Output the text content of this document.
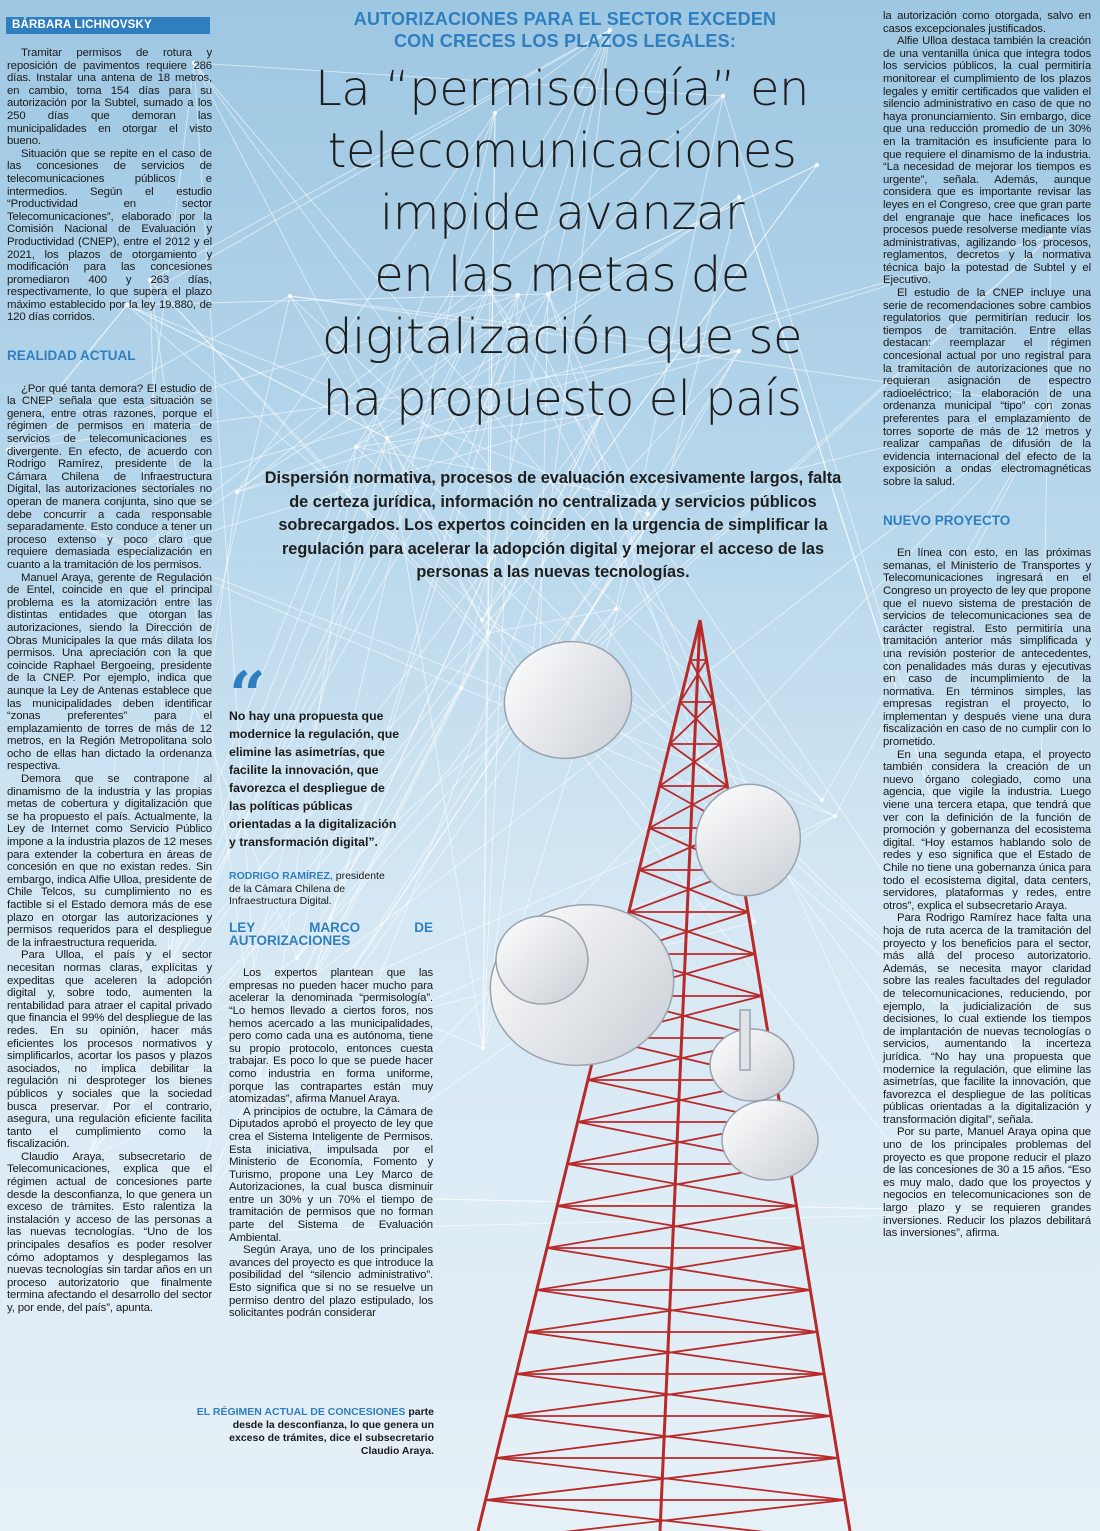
BÁRBARA LICHNOVSKY	AUTORIZACIONES PARA EL SECTOR EXCEDEN
CON CRECES LOS PLAZOS LEGALES:
La “permisología” en
telecomunicaciones
impide avanzar
en las metas de
digitalización que se
ha propuesto el país
Dispersión normativa, procesos de evaluación excesivamente largos, falta de certeza jurídica, información no centralizada y servicios públicos sobrecargados. Los expertos coinciden en la urgencia de simplificar la regulación para acelerar la adopción digital y mejorar el acceso de las personas a las nuevas tecnologías.

Tramitar permisos de rotura y reposición de pavimentos requiere 286 días. Instalar una antena de 18 metros, en cambio, toma 154 días para su autorización por la Subtel, sumado a los 250 días que demoran las municipalidades en otorgar el visto bueno.

Situación que se repite en el caso de las concesiones de servicios de telecomunicaciones públicos e intermedios. Según el estudio “Productividad en sector Telecomunicaciones”, elaborado por la Comisión Nacional de Evaluación y Productividad (CNEP), entre el 2012 y el 2021, los plazos de otorgamiento y modificación para las concesiones promediaron 400 y 263 días, respectivamente, lo que supera el plazo máximo establecido por la ley 19.880, de 120 días corridos.

REALIDAD ACTUAL

¿Por qué tanta demora? El estudio de la CNEP señala que esta situación se genera, entre otras razones, porque el régimen de permisos en materia de servicios de telecomunicaciones es divergente. En efecto, de acuerdo con Rodrigo Ramírez, presidente de la Cámara Chilena de Infraestructura Digital, las autorizaciones sectoriales no operan de manera conjunta, sino que se debe concurrir a cada responsable separadamente. Esto conduce a tener un proceso extenso y poco claro que requiere demasiada especialización en cuanto a la tramitación de los permisos.

Manuel Araya, gerente de Regulación de Entel, coincide en que el principal problema es la atomización entre las distintas entidades que otorgan las autorizaciones, siendo la Dirección de Obras Municipales la que más dilata los permisos. Una apreciación con la que coincide Raphael Bergoeing, presidente de la CNEP. Por ejemplo, indica que aunque la Ley de Antenas establece que las municipalidades deben identificar “zonas preferentes” para el emplazamiento de torres de más de 12 metros, en la Región Metropolitana solo ocho de ellas han dictado la ordenanza respectiva.

Demora que se contrapone al dinamismo de la industria y las propias metas de cobertura y digitalización que se ha propuesto el país. Actualmente, la Ley de Internet como Servicio Público impone a la industria plazos de 12 meses para extender la cobertura en áreas de concesión en que no existan redes. Sin embargo, indica Alfie Ulloa, presidente de Chile Telcos, su cumplimiento no es factible si el Estado demora más de ese plazo en otorgar las autorizaciones y permisos requeridos para el despliegue de la infraestructura requerida.

Para Ulloa, el país y el sector necesitan normas claras, explícitas y expeditas que aceleren la adopción digital y, sobre todo, aumenten la rentabilidad para atraer el capital privado que financia el 99% del despliegue de las redes. En su opinión, hacer más eficientes los procesos normativos y simplificarlos, acortar los pasos y plazos asociados, no implica debilitar la regulación ni desproteger los bienes públicos y sociales que la sociedad busca preservar. Por el contrario, asegura, una regulación eficiente facilita tanto el cumplimiento como la fiscalización.

Claudio Araya, subsecretario de Telecomunicaciones, explica que el régimen actual de concesiones parte desde la desconfianza, lo que genera un exceso de trámites. Esto ralentiza la instalación y acceso de las personas a las nuevas tecnologías. “Uno de los principales desafíos es poder resolver cómo adoptamos y desplegamos las nuevas tecnologías sin tardar años en un proceso autorizatorio que finalmente termina afectando el desarrollo del sector y, por ende, del país”, apunta.

LEY MARCO DE AUTORIZACIONES

Los expertos plantean que las empresas no pueden hacer mucho para acelerar la denominada “permisología”. “Lo hemos llevado a ciertos foros, nos hemos acercado a las municipalidades, pero como cada una es autónoma, tiene su propio protocolo, entonces cuesta trabajar. Es poco lo que se puede hacer como industria en forma uniforme, porque las contrapartes están muy atomizadas”, afirma Manuel Araya.

A principios de octubre, la Cámara de Diputados aprobó el proyecto de ley que crea el Sistema Inteligente de Permisos. Esta iniciativa, impulsada por el Ministerio de Economía, Fomento y Turismo, propone una Ley Marco de Autorizaciones, la cual busca disminuir entre un 30% y un 70% el tiempo de tramitación de permisos que no forman parte del Sistema de Evaluación Ambiental.

Según Araya, uno de los principales avances del proyecto es que introduce la posibilidad del “silencio administrativo”. Esto significa que si no se resuelve un permiso dentro del plazo estipulado, los solicitantes podrán considerar

la autorización como otorgada, salvo en casos excepcionales justificados.

Alfie Ulloa destaca también la creación de una ventanilla única que integra todos los servicios públicos, la cual permitiría monitorear el cumplimiento de los plazos legales y emitir certificados que validen el silencio administrativo en caso de que no haya pronunciamiento. Sin embargo, dice que una reducción promedio de un 30% en la tramitación es insuficiente para lo que requiere el dinamismo de la industria. “La necesidad de mejorar los tiempos es urgente”, señala. Además, aunque considera que es importante revisar las leyes en el Congreso, cree que gran parte del engranaje que hace ineficaces los procesos puede resolverse mediante vías administrativas, agilizando los procesos, reglamentos, decretos y la normativa técnica bajo la potestad de Subtel y el Ejecutivo.

El estudio de la CNEP incluye una serie de recomendaciones sobre cambios regulatorios que permitirían reducir los tiempos de tramitación. Entre ellas destacan: reemplazar el régimen concesional actual por uno registral para la tramitación de autorizaciones que no requieran asignación de espectro radioeléctrico; la elaboración de una ordenanza municipal “tipo” con zonas preferentes para el emplazamiento de torres soporte de más de 12 metros y realizar campañas de difusión de la evidencia internacional del efecto de la exposición a ondas electromagnéticas sobre la salud.

NUEVO PROYECTO

En línea con esto, en las próximas semanas, el Ministerio de Transportes y Telecomunicaciones ingresará en el Congreso un proyecto de ley que propone que el nuevo sistema de prestación de servicios de telecomunicaciones sea de carácter registral. Esto permitiría una tramitación anterior más simplificada y una revisión posterior de antecedentes, con penalidades más duras y ejecutivas en caso de incumplimiento de la normativa. En términos simples, las empresas registran el proyecto, lo implementan y después viene una dura fiscalización en caso de no cumplir con lo prometido.

En una segunda etapa, el proyecto también considera la creación de un nuevo órgano colegiado, como una agencia, que vigile la industria. Luego viene una tercera etapa, que tendrá que ver con la definición de la función de promoción y gobernanza del ecosistema digital. “Hoy estamos hablando solo de redes y eso significa que el Estado de Chile no tiene una gobernanza única para todo el ecosistema digital, data centers, servidores, plataformas y redes, entre otros”, explica el subsecretario Araya.

Para Rodrigo Ramírez hace falta una hoja de ruta acerca de la tramitación del proyecto y los beneficios para el sector, más allá del proceso autorizatorio. Además, se necesita mayor claridad sobre las reales facultades del regulador de telecomunicaciones, reduciendo, por ejemplo, la judicialización de sus decisiones, lo cual extiende los tiempos de implantación de nuevas tecnologías o servicios, aumentando la incerteza jurídica. “No hay una propuesta que modernice la regulación, que elimine las asimetrías, que facilite la innovación, que favorezca el despliegue de las políticas públicas orientadas a la digitalización y transformación digital”, señala.

Por su parte, Manuel Araya opina que uno de los principales problemas del proyecto es que propone reducir el plazo de las concesiones de 30 a 15 años. “Eso es muy malo, dado que los proyectos y negocios en telecomunicaciones son de largo plazo y se requieren grandes inversiones. Reducir los plazos debilitará las inversiones”, afirma.

“
No hay una propuesta que modernice la regulación, que elimine las asimetrías, que facilite la innovación, que favorezca el despliegue de las políticas públicas orientadas a la digitalización y transformación digital”.
RODRIGO RAMÍREZ, presidente de la Cámara Chilena de Infraestructura Digital.
EL RÉGIMEN ACTUAL DE CONCESIONES parte desde la desconfianza, lo que genera un exceso de trámites, dice el subsecretario Claudio Araya.
